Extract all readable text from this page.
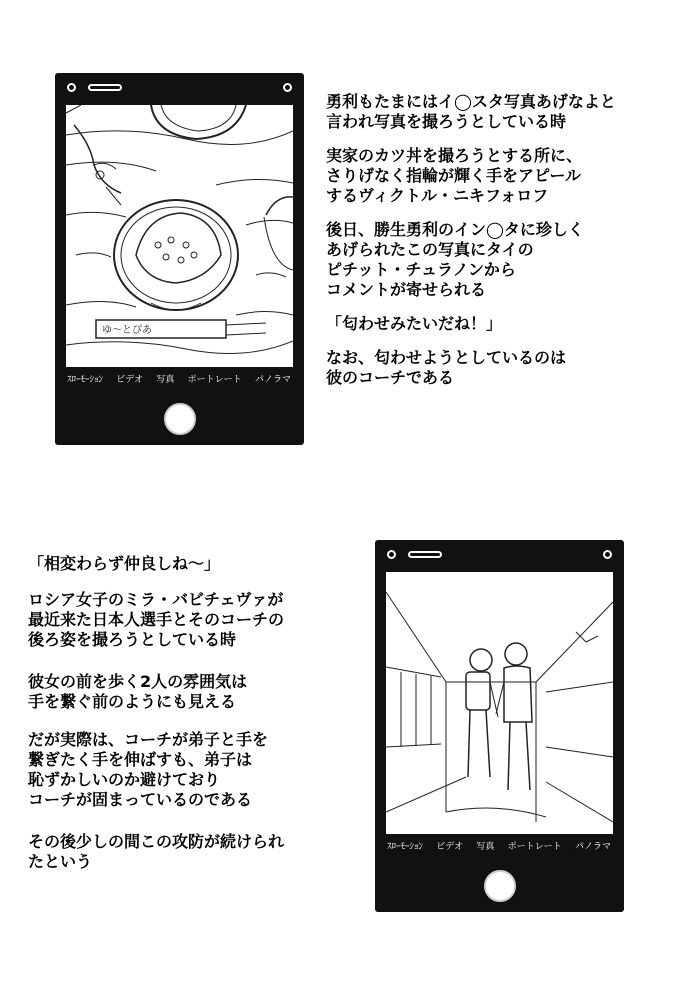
ゆ〜とぴあ
ｽﾛｰﾓｰｼｮﾝ ビデオ 写真 ポートレート パノラマ

勇利もたまにはイ◯スタ写真あげなよと
言われ写真を撮ろうとしている時

実家のカツ丼を撮ろうとする所に、
さりげなく指輪が輝く手をアピール
するヴィクトル・ニキフォロフ

後日、勝生勇利のイン◯タに珍しく
あげられたこの写真にタイの
ピチット・チュラノンから
コメントが寄せられる

「匂わせみたいだね！」

なお、匂わせようとしているのは
彼のコーチである

「相変わらず仲良しね〜」

ロシア女子のミラ・バビチェヴァが
最近来た日本人選手とそのコーチの
後ろ姿を撮ろうとしている時

彼女の前を歩く2人の雰囲気は
手を繋ぐ前のようにも見える

だが実際は、コーチが弟子と手を
繋ぎたく手を伸ばすも、弟子は
恥ずかしいのか避けており
コーチが固まっているのである

その後少しの間この攻防が続けられ
たという

ｽﾛｰﾓｰｼｮﾝ ビデオ 写真 ポートレート パノラマ
